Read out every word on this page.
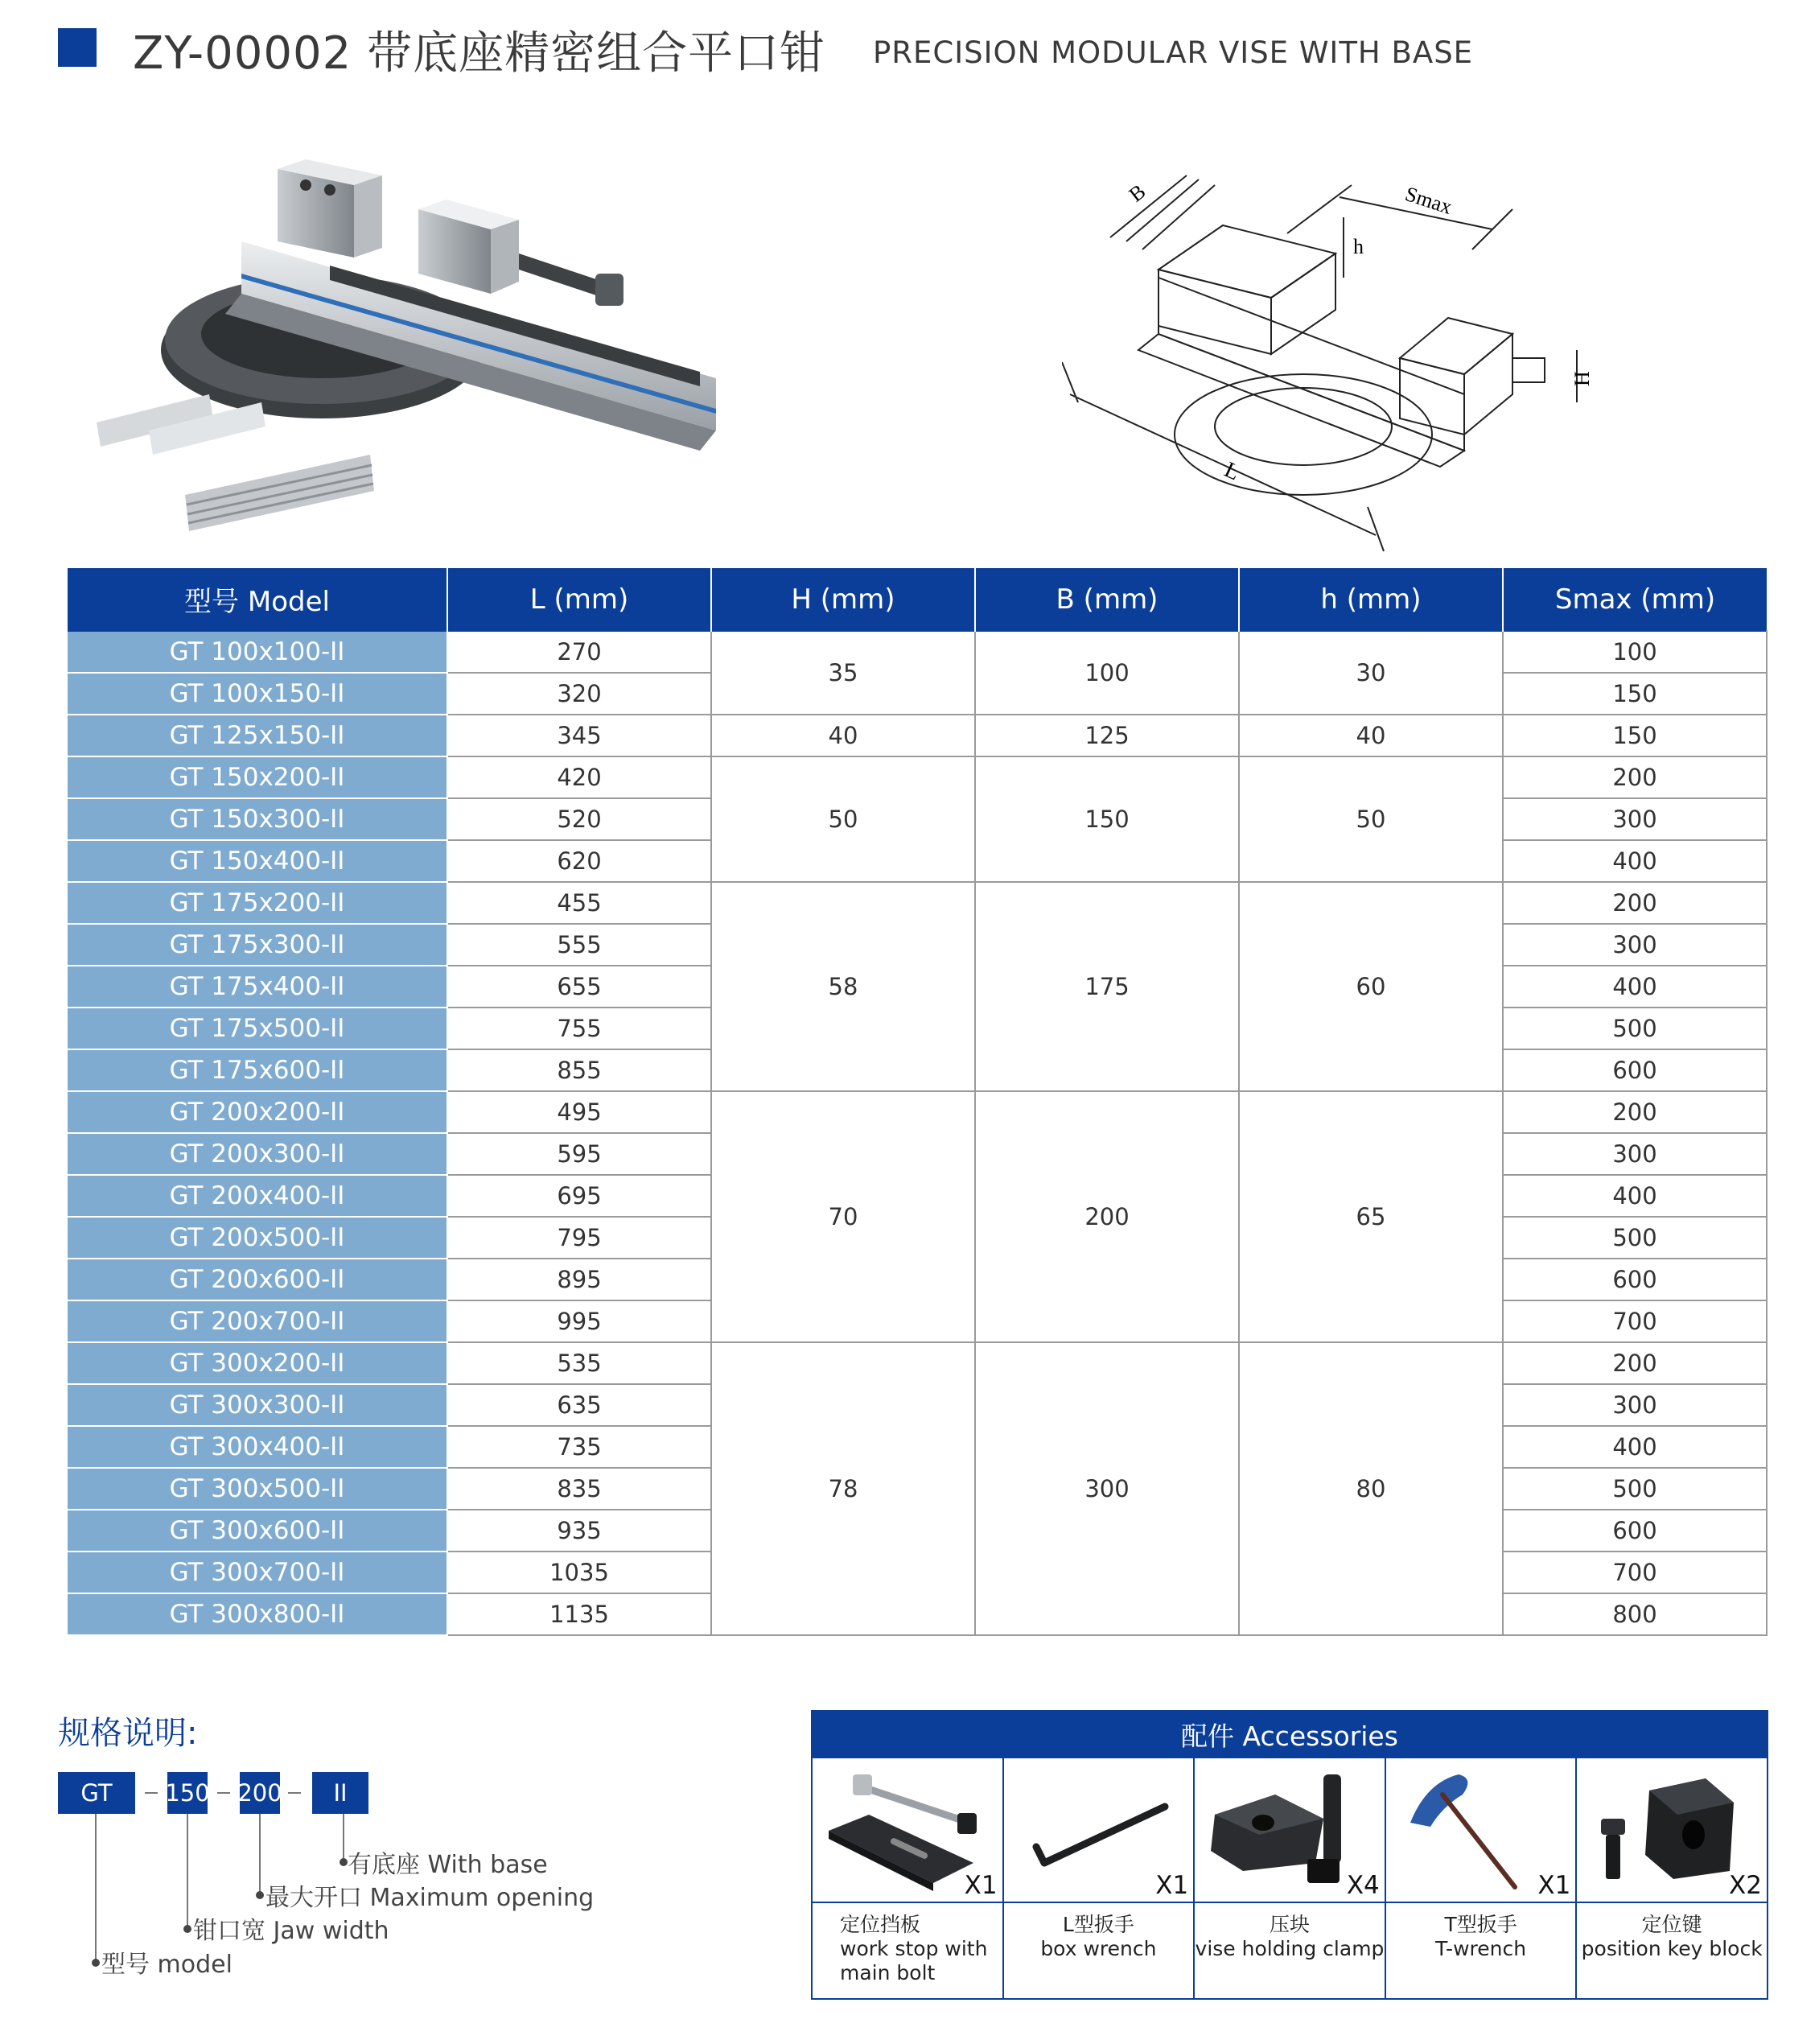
ZY-00002 带底座精密组合平口钳 PRECISION MODULAR VISE WITH BASE
B	Smax
h
H
L
型号 Model	L (mm)	H (mm)	B (mm)	h (mm)	Smax (mm)
GT 100x100-II	270	35	100	30	100
GT 100x150-II	320				150
GT 125x150-II	345	40	125	40	150
GT 150x200-II	420	50	150	50	200
GT 150x300-II	520				300
GT 150x400-II	620				400
GT 175x200-II	455	58	175	60	200
GT 175x300-II	555				300
GT 175x400-II	655				400
GT 175x500-II	755				500
GT 175x600-II	855				600
GT 200x200-II	495	70	200	65	200
GT 200x300-II	595				300
GT 200x400-II	695				400
GT 200x500-II	795				500
GT 200x600-II	895				600
GT 200x700-II	995				700
GT 300x200-II	535	78	300	80	200
GT 300x300-II	635				300
GT 300x400-II	735				400
GT 300x500-II	835				500
GT 300x600-II	935				600
GT 300x700-II	1035				700
GT 300x800-II	1135				800
规格说明:
GT	150 200	II
有底座 With base
最大开口 Maximum opening
钳口宽 Jaw width
型号 model
配件 Accessories
X1
定位挡板
work stop with
main bolt
X1
L型扳手
box wrench
X4
压块
vise holding clamp
X1
T型扳手
T-wrench
X2
定位键
position key block
